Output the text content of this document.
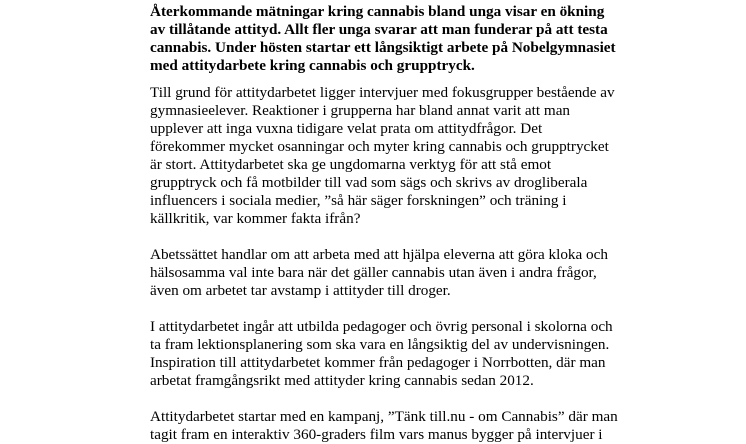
Återkommande mätningar kring cannabis bland unga visar en ökning av tillåtande attityd. Allt fler unga svarar att man funderar på att testa cannabis. Under hösten startar ett långsiktigt arbete på Nobelgymnasiet med attitydarbete kring cannabis och grupptryck.

Till grund för attitydarbetet ligger intervjuer med fokusgrupper bestående av gymnasieelever. Reaktioner i grupperna har bland annat varit att man upplever att inga vuxna tidigare velat prata om attitydfrågor. Det förekommer mycket osanningar och myter kring cannabis och grupptrycket är stort. Attitydarbetet ska ge ungdomarna verktyg för att stå emot grupptryck och få motbilder till vad som sägs och skrivs av drogliberala influencers i sociala medier, ”så här säger forskningen” och träning i källkritik, var kommer fakta ifrån?

Abetssättet handlar om att arbeta med att hjälpa eleverna att göra kloka och hälsosamma val inte bara när det gäller cannabis utan även i andra frågor, även om arbetet tar avstamp i attityder till droger.

I attitydarbetet ingår att utbilda pedagoger och övrig personal i skolorna och ta fram lektionsplanering som ska vara en långsiktig del av undervisningen. Inspiration till attitydarbetet kommer från pedagoger i Norrbotten, där man arbetat framgångsrikt med attityder kring cannabis sedan 2012.

Attitydarbetet startar med en kampanj, ”Tänk till.nu - om Cannabis” där man tagit fram en interaktiv 360-graders film vars manus bygger på intervjuer i
